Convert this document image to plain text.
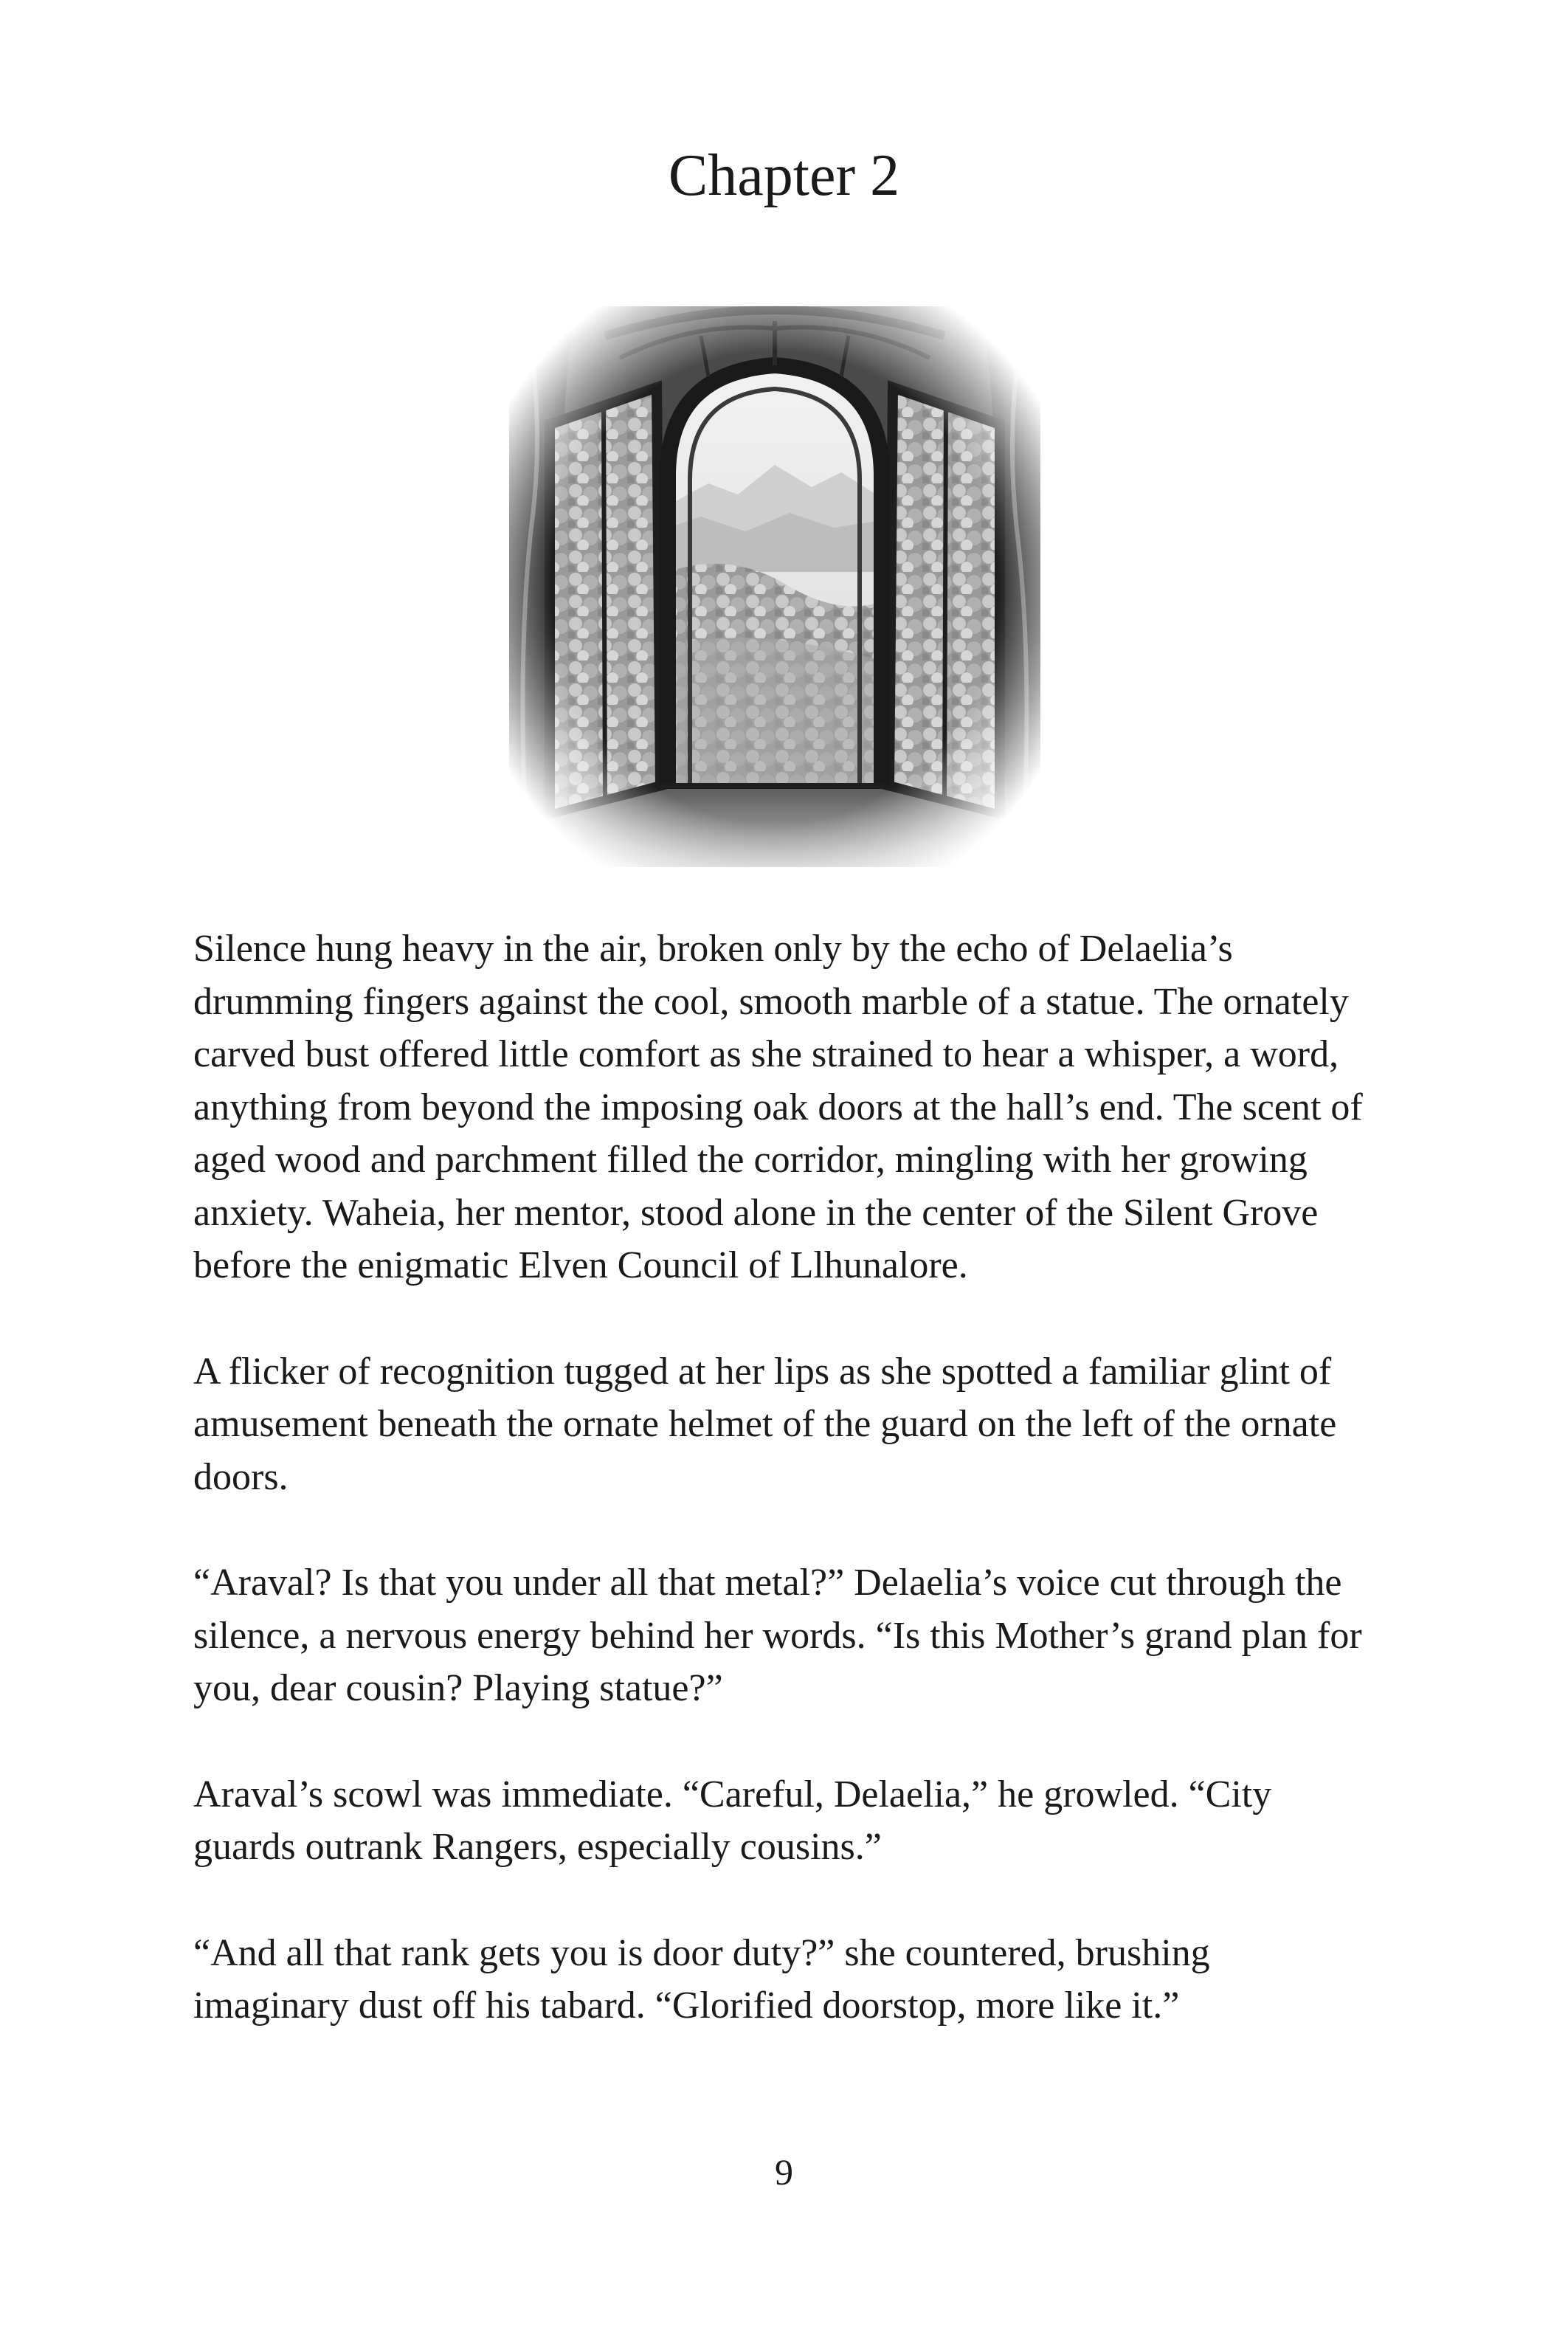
Chapter 2

Silence hung heavy in the air, broken only by the echo of Delaelia’s drumming fingers against the cool, smooth marble of a statue. The ornately carved bust offered little comfort as she strained to hear a whisper, a word, anything from beyond the imposing oak doors at the hall’s end. The scent of aged wood and parchment filled the corridor, mingling with her growing anxiety. Waheia, her mentor, stood alone in the center of the Silent Grove before the enigmatic Elven Council of Llhunalore.

A flicker of recognition tugged at her lips as she spotted a familiar glint of amusement beneath the ornate helmet of the guard on the left of the ornate doors.

“Araval? Is that you under all that metal?” Delaelia’s voice cut through the silence, a nervous energy behind her words. “Is this Mother’s grand plan for you, dear cousin? Playing statue?”

Araval’s scowl was immediate. “Careful, Delaelia,” he growled. “City guards outrank Rangers, especially cousins.”

“And all that rank gets you is door duty?” she countered, brushing imaginary dust off his tabard. “Glorified doorstop, more like it.”

9
